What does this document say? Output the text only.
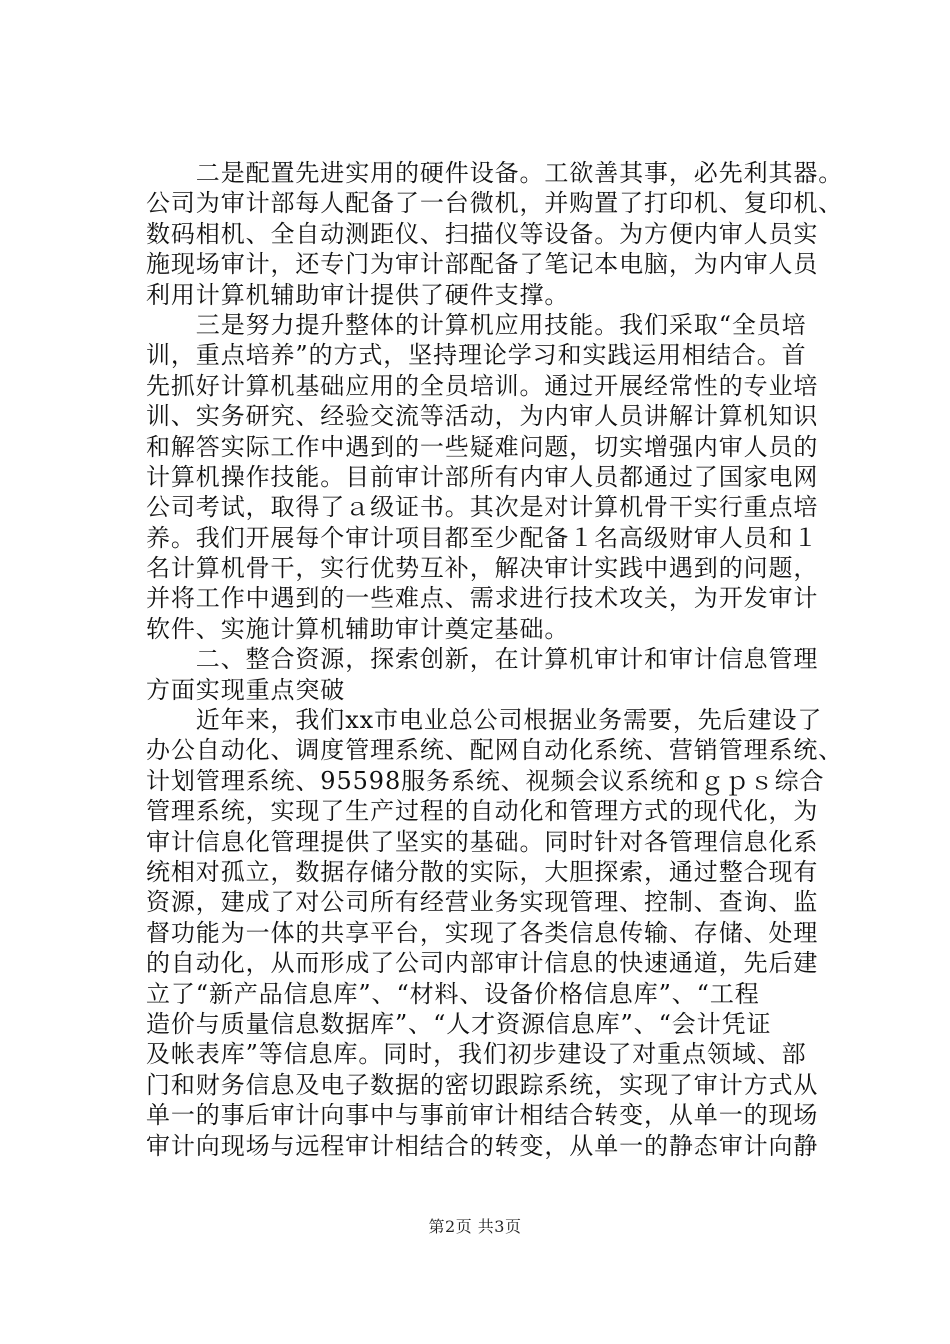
　　二是配置先进实用的硬件设备。工欲善其事，必先利其器。
公司为审计部每人配备了一台微机，并购置了打印机、复印机、
数码相机、全自动测距仪、扫描仪等设备。为方便内审人员实
施现场审计，还专门为审计部配备了笔记本电脑，为内审人员
利用计算机辅助审计提供了硬件支撑。
　　三是努力提升整体的计算机应用技能。我们采取“全员培
训，重点培养”的方式，坚持理论学习和实践运用相结合。首
先抓好计算机基础应用的全员培训。通过开展经常性的专业培
训、实务研究、经验交流等活动，为内审人员讲解计算机知识
和解答实际工作中遇到的一些疑难问题，切实增强内审人员的
计算机操作技能。目前审计部所有内审人员都通过了国家电网
公司考试，取得了ａ级证书。其次是对计算机骨干实行重点培
养。我们开展每个审计项目都至少配备１名高级财审人员和１
名计算机骨干，实行优势互补，解决审计实践中遇到的问题，
并将工作中遇到的一些难点、需求进行技术攻关，为开发审计
软件、实施计算机辅助审计奠定基础。
　　二、整合资源，探索创新，在计算机审计和审计信息管理
方面实现重点突破
　　近年来，我们xx市电业总公司根据业务需要，先后建设了
办公自动化、调度管理系统、配网自动化系统、营销管理系统、
计划管理系统、95598服务系统、视频会议系统和ｇｐｓ综合
管理系统，实现了生产过程的自动化和管理方式的现代化，为
审计信息化管理提供了坚实的基础。同时针对各管理信息化系
统相对孤立，数据存储分散的实际，大胆探索，通过整合现有
资源，建成了对公司所有经营业务实现管理、控制、查询、监
督功能为一体的共享平台，实现了各类信息传输、存储、处理
的自动化，从而形成了公司内部审计信息的快速通道，先后建
立了“新产品信息库”、“材料、设备价格信息库”、“工程
造价与质量信息数据库”、“人才资源信息库”、“会计凭证
及帐表库”等信息库。同时，我们初步建设了对重点领域、部
门和财务信息及电子数据的密切跟踪系统，实现了审计方式从
单一的事后审计向事中与事前审计相结合转变，从单一的现场
审计向现场与远程审计相结合的转变，从单一的静态审计向静
第2页 共3页
